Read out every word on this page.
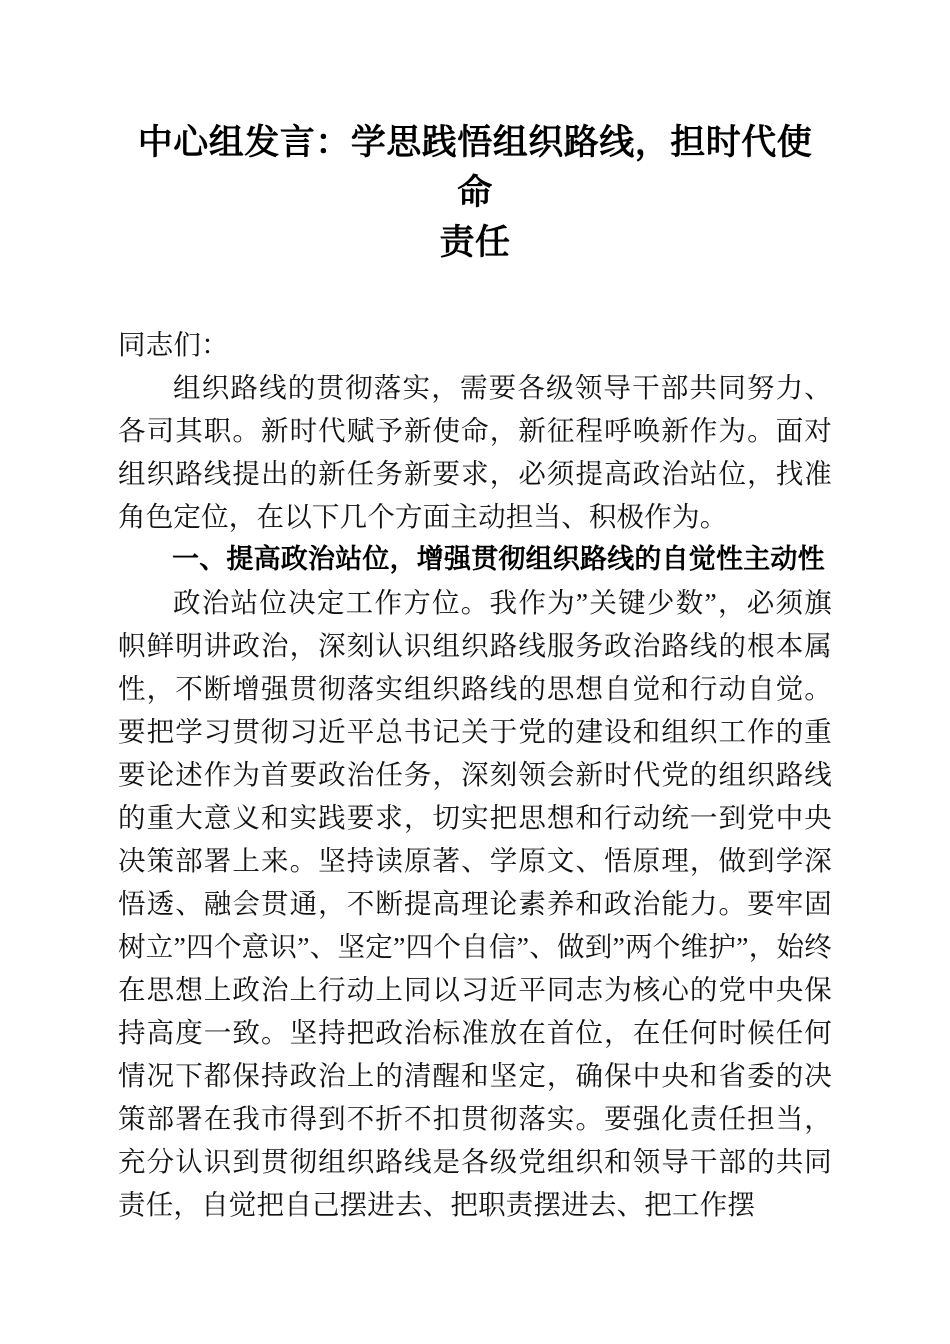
中心组发言：学思践悟组织路线，担时代使命
责任

同志们：

组织路线的贯彻落实，需要各级领导干部共同努力、各司其职。新时代赋予新使命，新征程呼唤新作为。面对组织路线提出的新任务新要求，必须提高政治站位，找准角色定位，在以下几个方面主动担当、积极作为。

一、提高政治站位，增强贯彻组织路线的自觉性主动性

政治站位决定工作方位。我作为”关键少数”，必须旗帜鲜明讲政治，深刻认识组织路线服务政治路线的根本属性，不断增强贯彻落实组织路线的思想自觉和行动自觉。要把学习贯彻习近平总书记关于党的建设和组织工作的重要论述作为首要政治任务，深刻领会新时代党的组织路线的重大意义和实践要求，切实把思想和行动统一到党中央决策部署上来。坚持读原著、学原文、悟原理，做到学深悟透、融会贯通，不断提高理论素养和政治能力。要牢固树立”四个意识”、坚定”四个自信”、做到”两个维护”，始终在思想上政治上行动上同以习近平同志为核心的党中央保持高度一致。坚持把政治标准放在首位，在任何时候任何情况下都保持政治上的清醒和坚定，确保中央和省委的决策部署在我市得到不折不扣贯彻落实。要强化责任担当，充分认识到贯彻组织路线是各级党组织和领导干部的共同责任，自觉把自己摆进去、把职责摆进去、把工作摆
